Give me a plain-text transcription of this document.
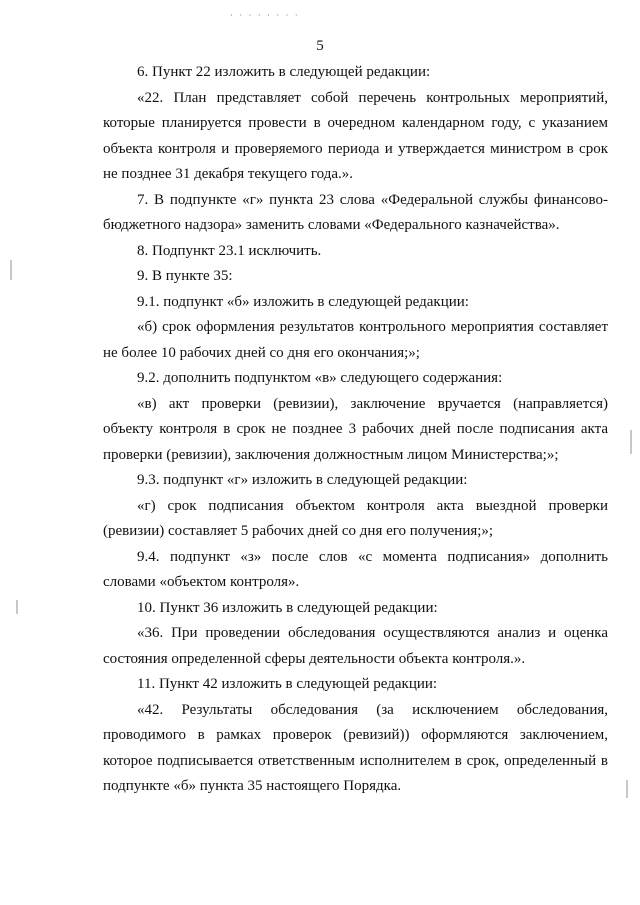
· · · · · · · ·
5

6. Пункт 22 изложить в следующей редакции:

«22. План представляет собой перечень контрольных мероприятий, которые планируется провести в очередном календарном году, с указанием объекта контроля и проверяемого периода и утверждается министром в срок не позднее 31 декабря текущего года.».

7. В подпункте «г» пункта 23 слова «Федеральной службы финансово-бюджетного надзора» заменить словами «Федерального казначейства».

8. Подпункт 23.1 исключить.

9. В пункте 35:

9.1. подпункт «б» изложить в следующей редакции:

«б) срок оформления результатов контрольного мероприятия составляет не более 10 рабочих дней со дня его окончания;»;

9.2. дополнить подпунктом «в» следующего содержания:

«в) акт проверки (ревизии), заключение вручается (направляется) объекту контроля в срок не позднее 3 рабочих дней после подписания акта проверки (ревизии), заключения должностным лицом Министерства;»;

9.3. подпункт «г» изложить в следующей редакции:

«г) срок подписания объектом контроля акта выездной проверки (ревизии) составляет 5 рабочих дней со дня его получения;»;

9.4. подпункт «з» после слов «с момента подписания» дополнить словами «объектом контроля».

10. Пункт 36 изложить в следующей редакции:

«36. При проведении обследования осуществляются анализ и оценка состояния определенной сферы деятельности объекта контроля.».

11. Пункт 42 изложить в следующей редакции:

«42. Результаты обследования (за исключением обследования, проводимого в рамках проверок (ревизий)) оформляются заключением, которое подписывается ответственным исполнителем в срок, определенный в подпункте «б» пункта 35 настоящего Порядка.
